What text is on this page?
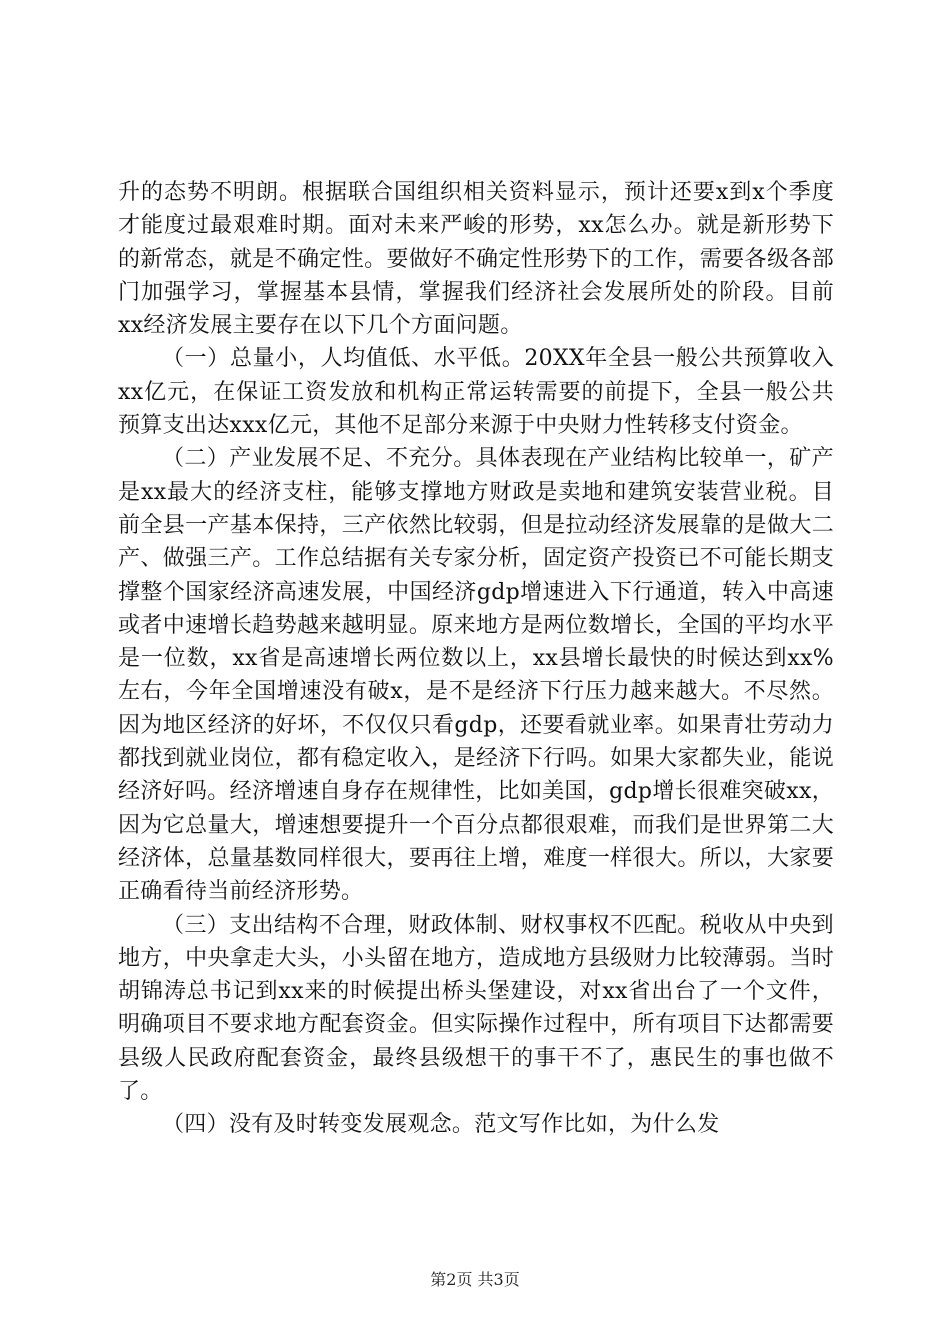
升的态势不明朗。根据联合国组织相关资料显示，预计还要x到x个季度才能度过最艰难时期。面对未来严峻的形势，xx怎么办。就是新形势下的新常态，就是不确定性。要做好不确定性形势下的工作，需要各级各部门加强学习，掌握基本县情，掌握我们经济社会发展所处的阶段。目前xx经济发展主要存在以下几个方面问题。

（一）总量小，人均值低、水平低。20XX年全县一般公共预算收入xx亿元，在保证工资发放和机构正常运转需要的前提下，全县一般公共预算支出达xxx亿元，其他不足部分来源于中央财力性转移支付资金。

（二）产业发展不足、不充分。具体表现在产业结构比较单一，矿产是xx最大的经济支柱，能够支撑地方财政是卖地和建筑安装营业税。目前全县一产基本保持，三产依然比较弱，但是拉动经济发展靠的是做大二产、做强三产。工作总结据有关专家分析，固定资产投资已不可能长期支撑整个国家经济高速发展，中国经济gdp增速进入下行通道，转入中高速或者中速增长趋势越来越明显。原来地方是两位数增长，全国的平均水平是一位数，xx省是高速增长两位数以上，xx县增长最快的时候达到xx%左右，今年全国增速没有破x，是不是经济下行压力越来越大。不尽然。因为地区经济的好坏，不仅仅只看gdp，还要看就业率。如果青壮劳动力都找到就业岗位，都有稳定收入，是经济下行吗。如果大家都失业，能说经济好吗。经济增速自身存在规律性，比如美国，gdp增长很难突破xx，因为它总量大，增速想要提升一个百分点都很艰难，而我们是世界第二大经济体，总量基数同样很大，要再往上增，难度一样很大。所以，大家要正确看待当前经济形势。

（三）支出结构不合理，财政体制、财权事权不匹配。税收从中央到地方，中央拿走大头，小头留在地方，造成地方县级财力比较薄弱。当时胡锦涛总书记到xx来的时候提出桥头堡建设，对xx省出台了一个文件，明确项目不要求地方配套资金。但实际操作过程中，所有项目下达都需要县级人民政府配套资金，最终县级想干的事干不了，惠民生的事也做不了。

（四）没有及时转变发展观念。范文写作比如，为什么发

第2页 共3页
